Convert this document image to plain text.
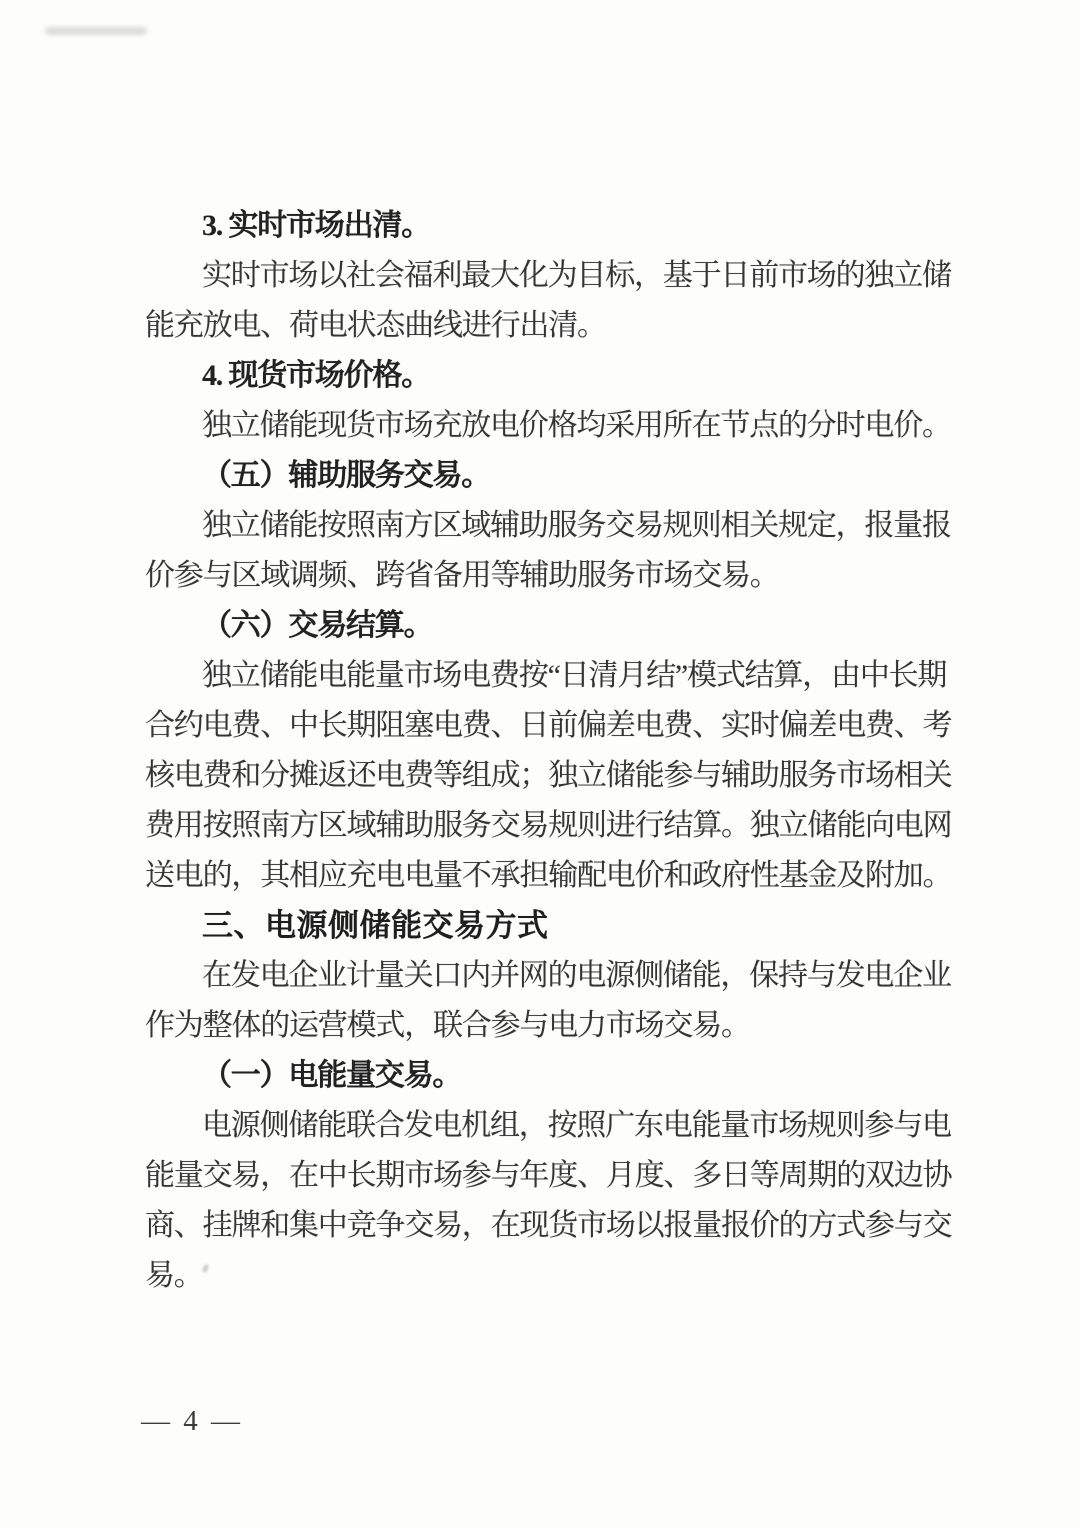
3. 实时市场出清。
实时市场以社会福利最大化为目标，基于日前市场的独立储
能充放电、荷电状态曲线进行出清。
4. 现货市场价格。
独立储能现货市场充放电价格均采用所在节点的分时电价。
（五）辅助服务交易。
独立储能按照南方区域辅助服务交易规则相关规定，报量报
价参与区域调频、跨省备用等辅助服务市场交易。
（六）交易结算。
独立储能电能量市场电费按“日清月结”模式结算，由中长期
合约电费、中长期阻塞电费、日前偏差电费、实时偏差电费、考
核电费和分摊返还电费等组成；独立储能参与辅助服务市场相关
费用按照南方区域辅助服务交易规则进行结算。独立储能向电网
送电的，其相应充电电量不承担输配电价和政府性基金及附加。
三、电源侧储能交易方式
在发电企业计量关口内并网的电源侧储能，保持与发电企业
作为整体的运营模式，联合参与电力市场交易。
（一）电能量交易。
电源侧储能联合发电机组，按照广东电能量市场规则参与电
能量交易，在中长期市场参与年度、月度、多日等周期的双边协
商、挂牌和集中竞争交易，在现货市场以报量报价的方式参与交
易。
— 4 —
